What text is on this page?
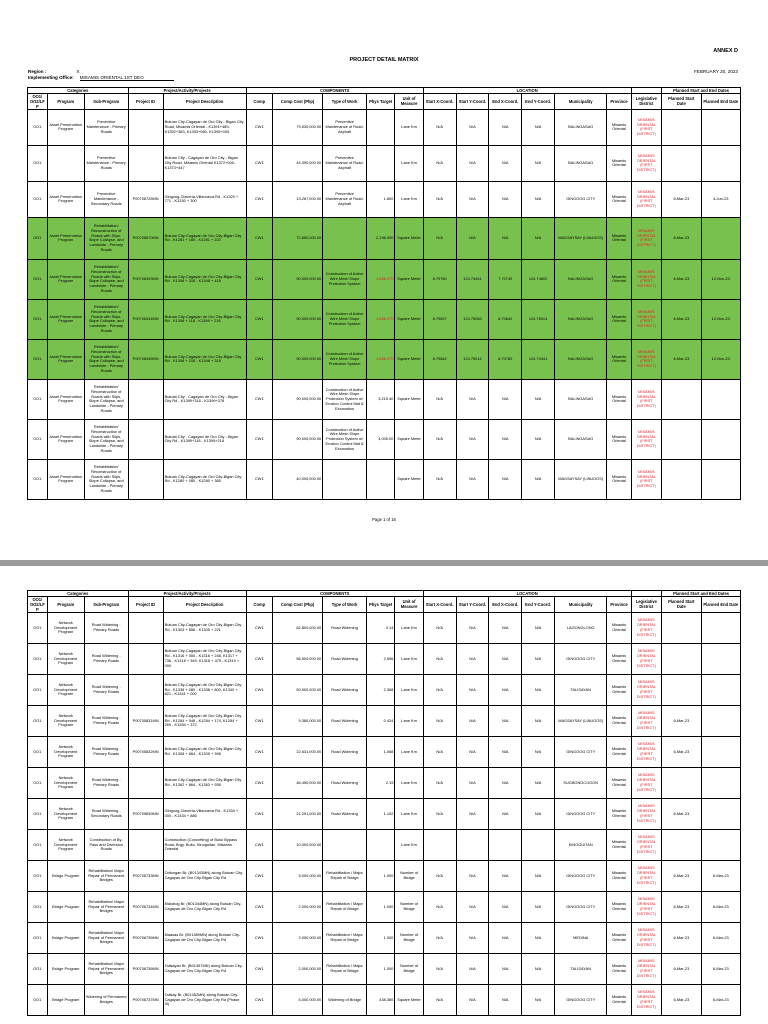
ANNEX D
PROJECT DETAIL MATRIX
FEBRUARY 20, 2023
Region :	X
Implementing Office: MISAMIS ORIENTAL 1ST DEO
Categories			Project/Activity/Projects		COMPONENTS					LOCATION							Planned Start and End Dates	
OO1/ OO2/LFP	Program	Sub-Program	Project ID	Project Description	Comp	Comp Cost (Php)	Type of Work	Phys Target	Unit of Measure	Start X-Coord.	Start Y-Coord.	End X-Coord.	End Y-Coord.	Municipality	Province	Legislative District	Planned Start Date	Planned End Date
OO1	Asset Preservation Program	Preventive Maintenance - Primary Roads		Butuan City-Cagayan de Oro City - Bigan City Road, Misamis Oriental - K1391+489- K1392+383, K1393+080- K1395+000	CW1	79,530,000.00	Preventive Maintenance of Road: Asphalt		Lane Km	N/A	N/A	N/A	N/A	BALINGASAG	Misamis Oriental	MISAMIS ORIENTAL (FIRST DISTRICT)		
OO1		Preventive Maintenance - Primary Roads		Butuan City - Cagayan de Oro City - Bigan City Road, Misamis Oriental K1372+000- K1373+447	CW1	44,390,000.00	Preventive Maintenance of Road: Asphalt		Lane Km	N/A	N/A	N/A	N/A	BALINGASAG	Misamis Oriental	MISAMIS ORIENTAL (FIRST DISTRICT)		
OO1	Asset Preservation Program	Preventive Maintenance - Secondary Roads	P00706725MN	Gingoog-Claveria-Villanueva Rd - K1329 + 771 - K1330 + 300	CW1	13,287,000.00	Preventive Maintenance of Road: Asphalt	1.800	Lane Km	N/A	N/A	N/A	N/A	GINGOOG CITY	Misamis Oriental	MISAMIS ORIENTAL (FIRST DISTRICT)	6-Mar-23	4-Jun-23
OO1	Asset Preservation Program	Rehabilitation/ Reconstruction of Roads with Slips, Slope Collapse, and Landslide - Primary Roads	P00706670MN	Butuan City-Cagayan de Oro City-Bigan City Rd - K1281 + 180 - K1281 + 222	CW1	72,650,000.00		2,196.000	Square Meter	N/A	N/A	N/A	N/A	MAGSAYSAY (LINUGOS)	Misamis Oriental	MISAMIS ORIENTAL (FIRST DISTRICT)	6-Mar-23	
OO1	Asset Preservation Program	Rehabilitation/ Reconstruction of Roads with Slips, Slope Collapse, and Landslide - Primary Roads	P00706343MN	Butuan City-Cagayan de Oro City-Bigan City Rd - K1398 + 318 - K1398 + 418	CW1	90,000,000.00	Construction of Active Wire Mesh Slope Protection System	4,656.070	Square Meter	8.70780	124.74441	7.70749	124.74802	BALINGASAG	Misamis Oriental	MISAMIS ORIENTAL (FIRST DISTRICT)	6-Mar-23	12-Nov-23
OO1	Asset Preservation Program	Rehabilitation/ Reconstruction of Roads with Slips, Slope Collapse, and Landslide - Primary Roads	P00706344MN	Butuan City-Cagayan de Oro City-Bigan City Rd - K1398 + 118 - K1398 + 218	CW1	90,000,000.00	Construction of Active Wire Mesh Slope Protection System	4,656.070	Square Meter	8.70897	124.75083	8.70842	124.75014	BALINGASAG	Misamis Oriental	MISAMIS ORIENTAL (FIRST DISTRICT)	6-Mar-23	12-Nov-23
OO1	Asset Preservation Program	Rehabilitation/ Reconstruction of Roads with Slips, Slope Collapse, and Landslide - Primary Roads	P00706345MN	Butuan City-Cagayan de Oro City-Bigan City Rd - K1398 + 218 - K1398 + 318	CW1	90,000,000.00	Construction of Active Wire Mesh Slope Protection System	4,656.070	Square Meter	8.70842	124.75014	8.70780	124.74441	BALINGASAG	Misamis Oriental	MISAMIS ORIENTAL (FIRST DISTRICT)	6-Mar-23	12-Nov-23
OO1	Asset Preservation Program	Rehabilitation/ Reconstruction of Roads with Slips, Slope Collapse, and Landslide - Primary Roads		Butuan City - Cagayan de Oro City - Bigan City Rd - K1399+318 - K1399+378	CW1	90,000,000.00	Construction of Active Wire Mesh Slope Protection System w/ Erosion Control Mat & Excavation	3,215.40	Square Meter	N/A	N/A	N/A	N/A	BALINGASAG	Misamis Oriental	MISAMIS ORIENTAL (FIRST DISTRICT)		
OO1	Asset Preservation Program	Rehabilitation/ Reconstruction of Roads with Slips, Slope Collapse, and Landslide - Primary Roads		Butuan City - Cagayan de Oro City - Bigan City Rd - K1399+118 - K1399+218	CW1	90,000,000.00	Construction of Active Wire Mesh Slope Protection System w/ Erosion Control Mat & Excavation	4,005.00	Square Meter	N/A	N/A	N/A	N/A	BALINGASAG	Misamis Oriental	MISAMIS ORIENTAL (FIRST DISTRICT)		
OO1	Asset Preservation Program	Rehabilitation/ Reconstruction of Roads with Slips, Slope Collapse, and Landslide - Primary Roads		Butuan City-Cagayan de Oro City-Bigan City Rd - K1280 + 080 - K1280 + 385	CW1	40,000,000.00			Square Meter	N/A	N/A	N/A	N/A	MAGSAYSAY (LINUGOS)	Misamis Oriental	MISAMIS ORIENTAL (FIRST DISTRICT)		
Page 1 of 16
Categories			Project/Activity/Projects		COMPONENTS					LOCATION							Planned Start and End Dates	
OO1/ OO2/LFP	Program	Sub-Program	Project ID	Project Description	Comp	Comp Cost (Php)	Type of Work	Phys Target	Unit of Measure	Start X-Coord.	Start Y-Coord.	End X-Coord.	End Y-Coord.	Municipality	Province	Legislative District	Planned Start Date	Planned End Date
OO1	Network Development Program	Road Widening - Primary Roads		Butuan City-Cagayan de Oro City-Bigan City Rd - K1303 + 656 - K1305 + 221	CW1	62,800,000.00	Road Widening	3.14	Lane Km	N/A	N/A	N/A	N/A	LAGONGLONG	Misamis Oriental	MISAMIS ORIENTAL (FIRST DISTRICT)		
OO1	Network Development Program	Road Widening - Primary Roads		Butuan City-Cagayan de Oro City-Bigan City Rd - K1316 + 050 - K1316 + 248, K1317 + 736 - K1318 + 349, K1318 + 479 - K1319 + 000	CW1	56,500,000.00	Road Widening	2.696	Lane Km	N/A	N/A	N/A	N/A	GINGOOG CITY	Misamis Oriental	MISAMIS ORIENTAL (FIRST DISTRICT)		
OO1	Network Development Program	Road Widening - Primary Roads		Butuan City-Cagayan de Oro City-Bigan City Rd - K1338 + 080 - K1338 + 800, K1340 + 821 - K1341 + 000	CW1	50,900,000.00	Road Widening	2.368	Lane Km	N/A	N/A	N/A	N/A	TALISAYAN	Misamis Oriental	MISAMIS ORIENTAL (FIRST DISTRICT)		
OO1	Network Development Program	Road Widening - Primary Roads	P00705831MN	Butuan City-Cagayan de Oro City-Bigan City Rd - K1284 + 046 - K1284 + 174, K1284 + 269 - K1284 + 372	CW1	9,380,000.00	Road Widening	0.424	Lane Km	N/A	N/A	N/A	N/A	MAGSAYSAY (LINUGOS)	Misamis Oriental	MISAMIS ORIENTAL (FIRST DISTRICT)	6-Mar-23	
OO1	Network Development Program	Road Widening - Primary Roads	P00705832MN	Butuan City-Cagayan de Oro City-Bigan City Rd - K1308 + 864 - K1309 + 398	CW1	22,631,000.00	Road Widening	1.068	Lane Km	N/A	N/A	N/A	N/A	GINGOOG CITY	Misamis Oriental	MISAMIS ORIENTAL (FIRST DISTRICT)	6-Mar-23	
OO1	Network Development Program	Road Widening - Primary Roads		Butuan City-Cagayan de Oro City-Bigan City Rd - K1362 + 864 - K1363 + 936	CW1	46,450,000.00	Road Widening	2.15	Lane Km	N/A	N/A	N/A	N/A	SUGBONGCOGON	Misamis Oriental	MISAMIS ORIENTAL (FIRST DISTRICT)		
OO1	Network Development Program	Road Widening - Secondary Roads	P00705839MN	Gingoog-Claveria-Villanueva Rd - K1334 + 000 - K1334 + 886	CW1	21,291,000.00	Road Widening	1.102	Lane Km	N/A	N/A	N/A	N/A	GINGOOG CITY	Misamis Oriental	MISAMIS ORIENTAL (FIRST DISTRICT)	6-Mar-23	
OO1	Network Development Program	Construction of By-Pass and Diversion Roads		Construction (Concreting) of Buko Bypass Road, Brgy. Buko, Kinoguitan, Misamis Oriental	CW1	10,000,000.00			Lane Km					KINOGUITAN	Misamis Oriental	MISAMIS ORIENTAL (FIRST DISTRICT)		
OO1	Bridge Program	Rehabilitation/ Major Repair of Permanent Bridges	P00706733MN	Odiongan Br. (B01343MN) along Butuan City-Cagayan de Oro City-Bigan City Rd	CW1	5,000,000.00	Rehabilitation / Major Repair of Bridge	1.000	Number of Bridge	N/A	N/A	N/A	N/A	GINGOOG CITY	Misamis Oriental	MISAMIS ORIENTAL (FIRST DISTRICT)	6-Mar-23	6-Mar-23
OO1	Bridge Program	Rehabilitation/ Major Repair of Permanent Bridges	P00706734MN	Malubog Br. (B01344MN) along Butuan City-Cagayan de Oro City-Bigan City Rd	CW1	2,000,000.00	Rehabilitation / Major Repair of Bridge	1.000	Number of Bridge	N/A	N/A	N/A	N/A	GINGOOG CITY	Misamis Oriental	MISAMIS ORIENTAL (FIRST DISTRICT)	6-Mar-23	6-Mar-23
OO1	Bridge Program	Rehabilitation/ Major Repair of Permanent Bridges	P00706735MN	Maasas Br. (B01389MN) along Butuan City-Cagayan de Oro City-Bigan City Rd	CW1	2,000,000.00	Rehabilitation / Major Repair of Bridge	1.000	Number of Bridge	N/A	N/A	N/A	N/A	MEDINA	Misamis Oriental	MISAMIS ORIENTAL (FIRST DISTRICT)	6-Mar-23	6-Mar-23
OO1	Bridge Program	Rehabilitation/ Major Repair of Permanent Bridges	P00706736MN	Talisayan Br. (B01357MN) along Butuan City-Cagayan de Oro City-Bigan City Rd	CW1	2,000,000.00	Rehabilitation / Major Repair of Bridge	1.000	Number of Bridge	N/A	N/A	N/A	N/A	TALISAYAN	Misamis Oriental	MISAMIS ORIENTAL (FIRST DISTRICT)	6-Mar-23	6-Mar-23
OO1	Bridge Program	Widening of Permanent Bridges	P00706737MN	Talisay Br. (B01352MN) along Butuan City-Cagayan de Oro City-Bigan City Rd (Phase III)	CW1	5,000,000.00	Widening of Bridge	438.360	Square Meter	N/A	N/A	N/A	N/A	GINGOOG CITY	Misamis Oriental	MISAMIS ORIENTAL (FIRST DISTRICT)	6-Mar-23	6-Mar-23
